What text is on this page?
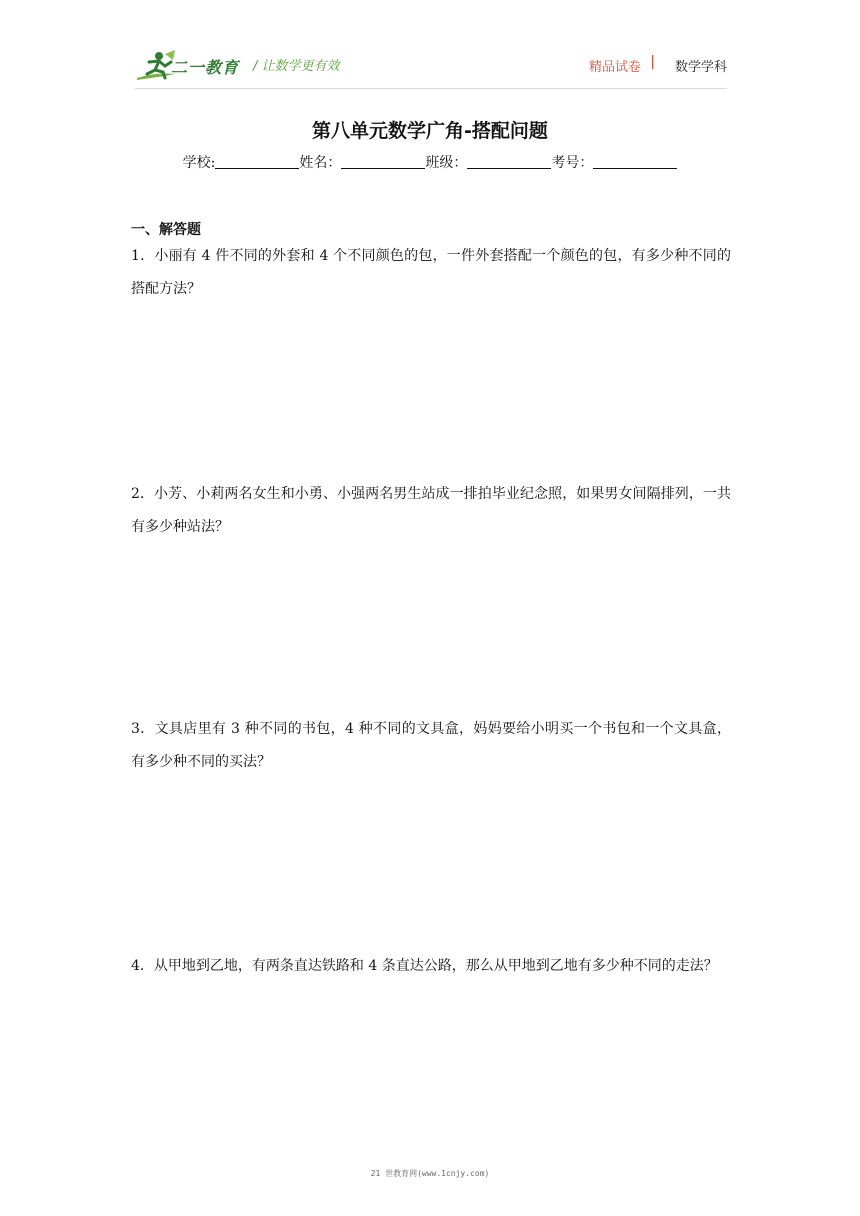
二一教育 / 让数学更有效	精品试卷 | 数学学科
第八单元数学广角-搭配问题
学校:	姓名：	班级：	考号：
一、解答题
1．小丽有 4 件不同的外套和 4 个不同颜色的包，一件外套搭配一个颜色的包，有多少种不同的搭配方法？
2．小芳、小莉两名女生和小勇、小强两名男生站成一排拍毕业纪念照，如果男女间隔排列，一共有多少种站法？
3．文具店里有 3 种不同的书包，4 种不同的文具盒，妈妈要给小明买一个书包和一个文具盒，有多少种不同的买法？
4．从甲地到乙地，有两条直达铁路和 4 条直达公路，那么从甲地到乙地有多少种不同的走法？
21 世教育网(www.1cnjy.com)
